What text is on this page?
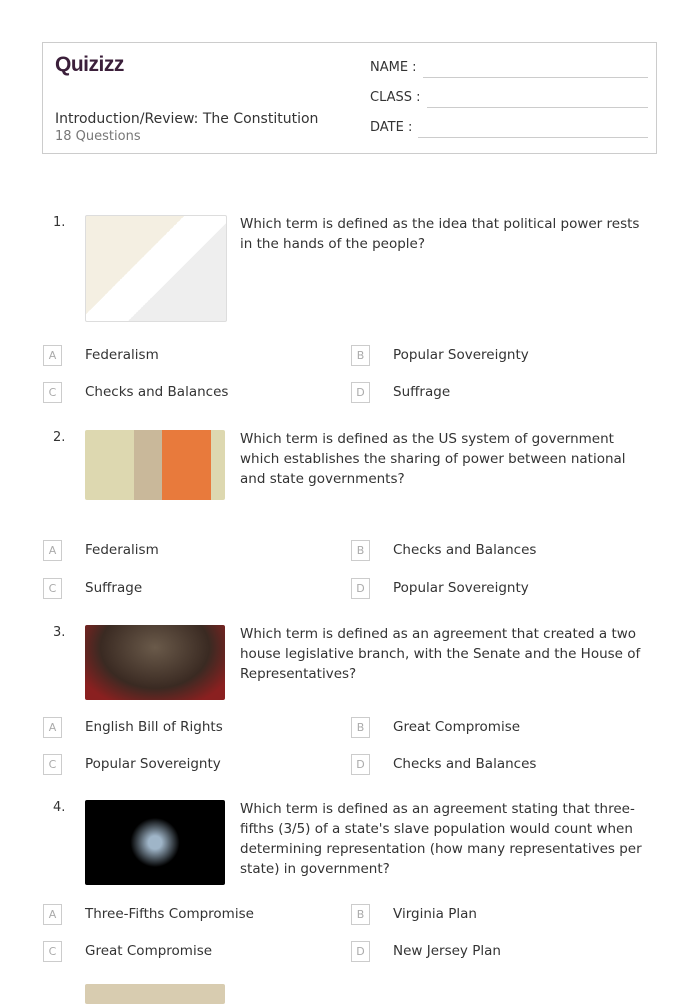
Quizizz
Introduction/Review: The Constitution
18 Questions
NAME :
CLASS :
DATE :
1.	Which term is defined as the idea that political power rests in the hands of the people?
A	Federalism	B	Popular Sovereignty
C	Checks and Balances	D	Suffrage
2.	Which term is defined as the US system of government which establishes the sharing of power between national and state governments?
A	Federalism	B	Checks and Balances
C	Suffrage	D	Popular Sovereignty
3.	Which term is defined as an agreement that created a two house legislative branch, with the Senate and the House of Representatives?
A	English Bill of Rights	B	Great Compromise
C	Popular Sovereignty	D	Checks and Balances
4.	Which term is defined as an agreement stating that three-fifths (3/5) of a state's slave population would count when determining representation (how many representatives per state) in government?
A	Three-Fifths Compromise	B	Virginia Plan
C	Great Compromise	D	New Jersey Plan
